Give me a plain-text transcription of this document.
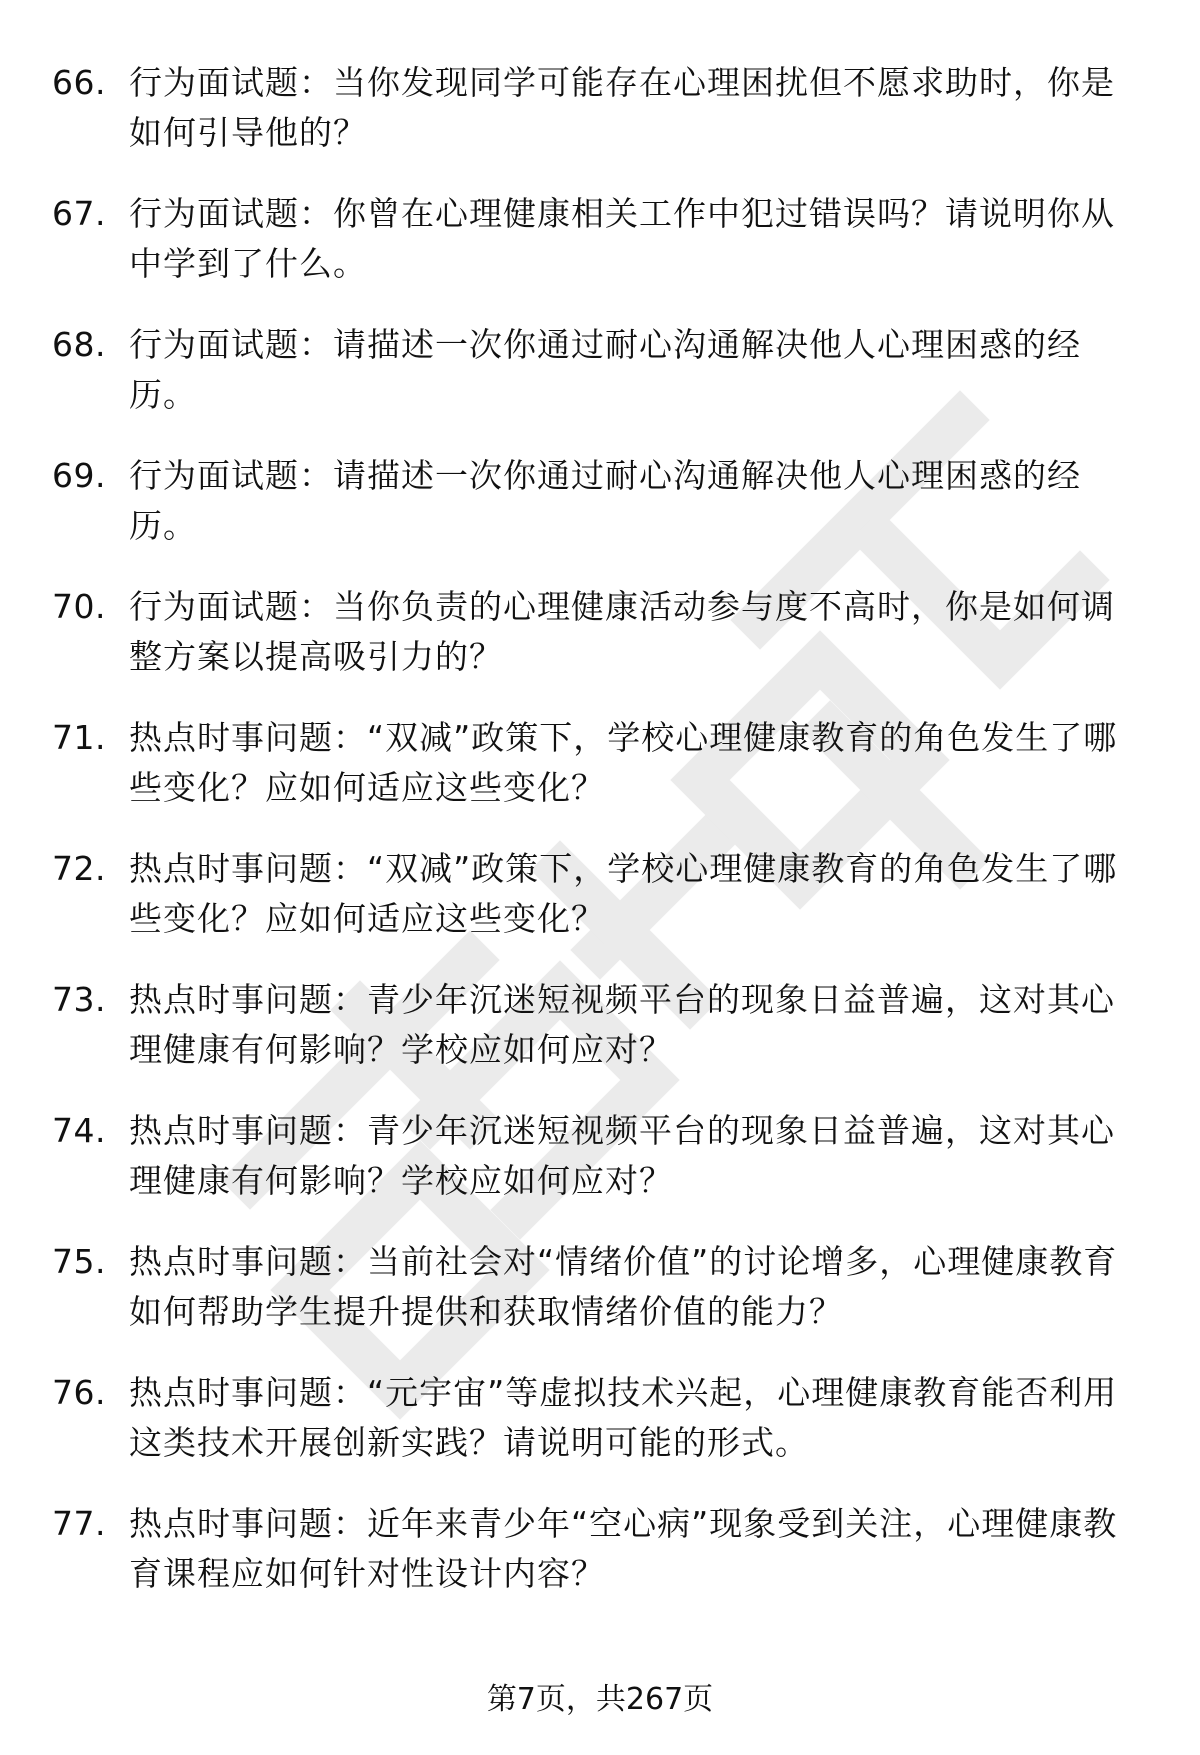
66. 行为面试题：当你发现同学可能存在心理困扰但不愿求助时，你是如何引导他的？
67. 行为面试题：你曾在心理健康相关工作中犯过错误吗？请说明你从中学到了什么。
68. 行为面试题：请描述一次你通过耐心沟通解决他人心理困惑的经历。
69. 行为面试题：请描述一次你通过耐心沟通解决他人心理困惑的经历。
70. 行为面试题：当你负责的心理健康活动参与度不高时，你是如何调整方案以提高吸引力的？
71. 热点时事问题：“双减”政策下，学校心理健康教育的角色发生了哪些变化？应如何适应这些变化？
72. 热点时事问题：“双减”政策下，学校心理健康教育的角色发生了哪些变化？应如何适应这些变化？
73. 热点时事问题：青少年沉迷短视频平台的现象日益普遍，这对其心理健康有何影响？学校应如何应对？
74. 热点时事问题：青少年沉迷短视频平台的现象日益普遍，这对其心理健康有何影响？学校应如何应对？
75. 热点时事问题：当前社会对“情绪价值”的讨论增多，心理健康教育如何帮助学生提升提供和获取情绪价值的能力？
76. 热点时事问题：“元宇宙”等虚拟技术兴起，心理健康教育能否利用这类技术开展创新实践？请说明可能的形式。
77. 热点时事问题：近年来青少年“空心病”现象受到关注，心理健康教育课程应如何针对性设计内容？
第7页，共267页
